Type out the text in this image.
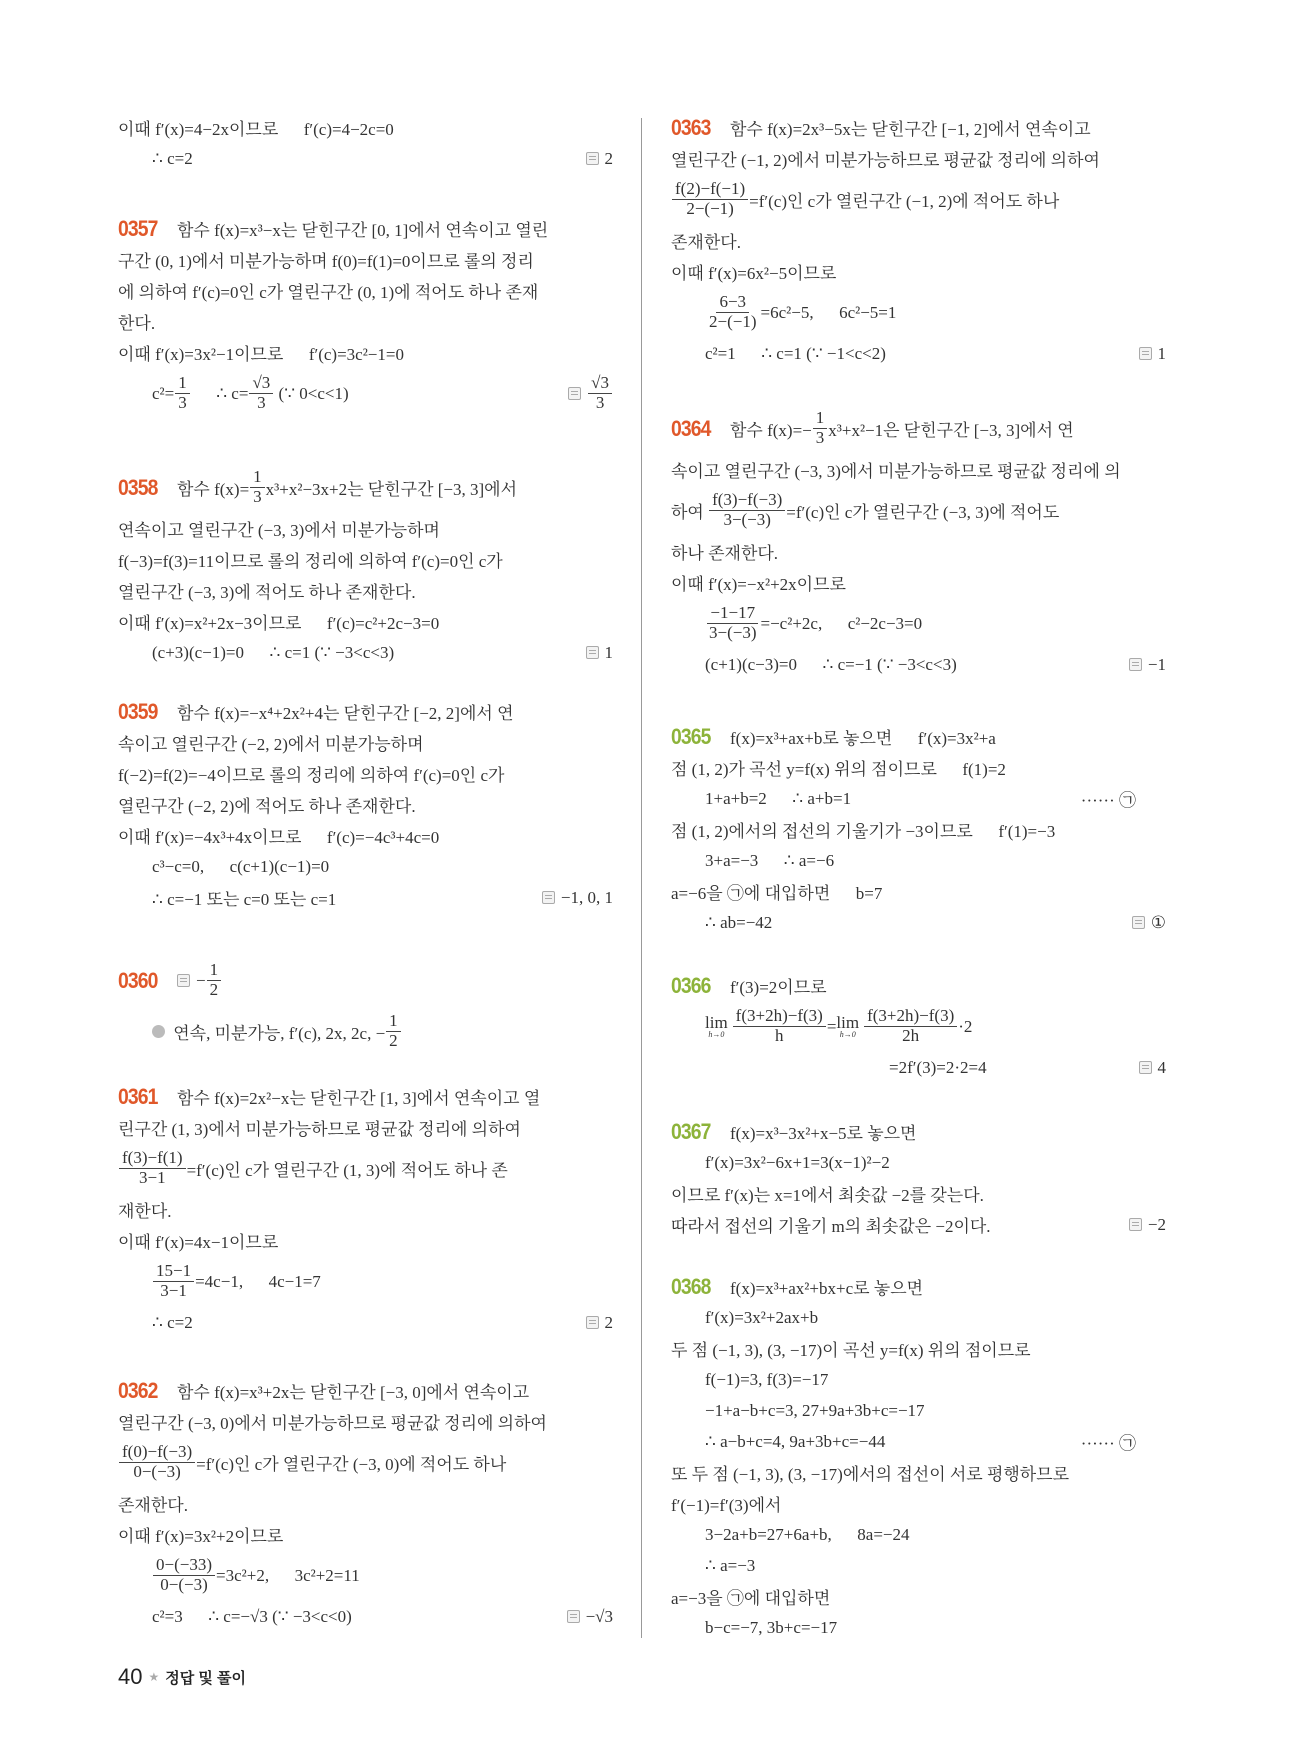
이때 f′(x)=4−2x이므로      f′(c)=4−2c=0
∴ c=2	2
0357 함수 f(x)=x³−x는 닫힌구간 [0, 1]에서 연속이고 열린
구간 (0, 1)에서 미분가능하며 f(0)=f(1)=0이므로 롤의 정리
에 의하여 f′(c)=0인 c가 열린구간 (0, 1)에 적어도 하나 존재
한다.
이때 f′(x)=3x²−1이므로      f′(c)=3c²−1=0
$c^2= \frac{1}{3}$ ∴ $c= \frac{√3}{3}$ (∵ 0<c<1)	$\frac{√3}{3}$
0358 함수 $f(x)= \frac{1}{3} x^3+x^2-3x+2$는 닫힌구간 [−3, 3]에서
연속이고 열린구간 (−3, 3)에서 미분가능하며
f(−3)=f(3)=11이므로 롤의 정리에 의하여 f′(c)=0인 c가
열린구간 (−3, 3)에 적어도 하나 존재한다.
이때 f′(x)=x²+2x−3이므로      f′(c)=c²+2c−3=0
(c+3)(c−1)=0      ∴ c=1 (∵ −3<c<3)	1
0359 함수 f(x)=−x⁴+2x²+4는 닫힌구간 [−2, 2]에서 연
속이고 열린구간 (−2, 2)에서 미분가능하며
f(−2)=f(2)=−4이므로 롤의 정리에 의하여 f′(c)=0인 c가
열린구간 (−2, 2)에 적어도 하나 존재한다.
이때 f′(x)=−4x³+4x이므로      f′(c)=−4c³+4c=0
c³−c=0,      c(c+1)(c−1)=0
∴ c=−1 또는 c=0 또는 c=1	−1, 0, 1
$0360 - \frac{1}{2}$
연속, 미분가능, f′(c), 2x, 2c, − $\frac{1}{2}$
0361 함수 f(x)=2x²−x는 닫힌구간 [1, 3]에서 연속이고 열
린구간 (1, 3)에서 미분가능하므로 평균값 정리에 의하여
$\frac{f(3)-f(1)}{3-1} =f'(c)$인 c가 열린구간 (1, 3)에 적어도 하나 존
재한다.
이때 f′(x)=4x−1이므로
$\frac{15-1}{3-1} =4c-1$,      4c−1=7
∴ c=2	2
0362 함수 f(x)=x³+2x는 닫힌구간 [−3, 0]에서 연속이고
열린구간 (−3, 0)에서 미분가능하므로 평균값 정리에 의하여
$\frac{f(0)-f(-3)}{0-(-3)} =f'(c)$인 c가 열린구간 (−3, 0)에 적어도 하나
존재한다.
이때 f′(x)=3x²+2이므로
$\frac{0-(-33)}{0-(-3)} =3c^2+2$,      3c²+2=11
c²=3      ∴ c=−√3 (∵ −3<c<0)	−√3
0363 함수 f(x)=2x³−5x는 닫힌구간 [−1, 2]에서 연속이고
열린구간 (−1, 2)에서 미분가능하므로 평균값 정리에 의하여
$\frac{f(2)-f(-1)}{2-(-1)} =f'(c)$인 c가 열린구간 (−1, 2)에 적어도 하나
존재한다.
이때 f′(x)=6x²−5이므로
$\frac{6-3}{2-(-1)} =6c^2-5$,      6c²−5=1
c²=1      ∴ c=1 (∵ −1<c<2)	1
0364 함수 $f(x)=- \frac{1}{3} x^3+x^2-1$은 닫힌구간 [−3, 3]에서 연
속이고 열린구간 (−3, 3)에서 미분가능하므로 평균값 정리에 의
하여 $\frac{f(3)-f(-3)}{3-(-3)} =f'(c)$인 c가 열린구간 (−3, 3)에 적어도
하나 존재한다.
이때 f′(x)=−x²+2x이므로
$\frac{-1-17}{3-(-3)} =-c^2+2c$,      c²−2c−3=0
(c+1)(c−3)=0      ∴ c=−1 (∵ −3<c<3)	−1
0365 f(x)=x³+ax+b로 놓으면      f′(x)=3x²+a
점 (1, 2)가 곡선 y=f(x) 위의 점이므로      f(1)=2
1+a+b=2      ∴ a+b=1	······ ㉠
점 (1, 2)에서의 접선의 기울기가 −3이므로      f′(1)=−3
3+a=−3      ∴ a=−6
a=−6을 ㉠에 대입하면      b=7
∴ ab=−42	①
0366 f′(3)=2이므로
lim
$h\to 0 \frac{f(3+2h)-f(3)}{h} = \lim$
$h\to 0 \frac{f(3+2h)-f(3)}{2h} \cdot 2$
=2f′(3)=2·2=4	4
0367 f(x)=x³−3x²+x−5로 놓으면
f′(x)=3x²−6x+1=3(x−1)²−2
이므로 f′(x)는 x=1에서 최솟값 −2를 갖는다.
따라서 접선의 기울기 m의 최솟값은 −2이다.	−2
0368 f(x)=x³+ax²+bx+c로 놓으면
f′(x)=3x²+2ax+b
두 점 (−1, 3), (3, −17)이 곡선 y=f(x) 위의 점이므로
f(−1)=3, f(3)=−17
−1+a−b+c=3, 27+9a+3b+c=−17
∴ a−b+c=4, 9a+3b+c=−44	······ ㉠
또 두 점 (−1, 3), (3, −17)에서의 접선이 서로 평행하므로
f′(−1)=f′(3)에서
3−2a+b=27+6a+b,      8a=−24
∴ a=−3
a=−3을 ㉠에 대입하면
b−c=−7, 3b+c=−17
40 ★ 정답 및 풀이
